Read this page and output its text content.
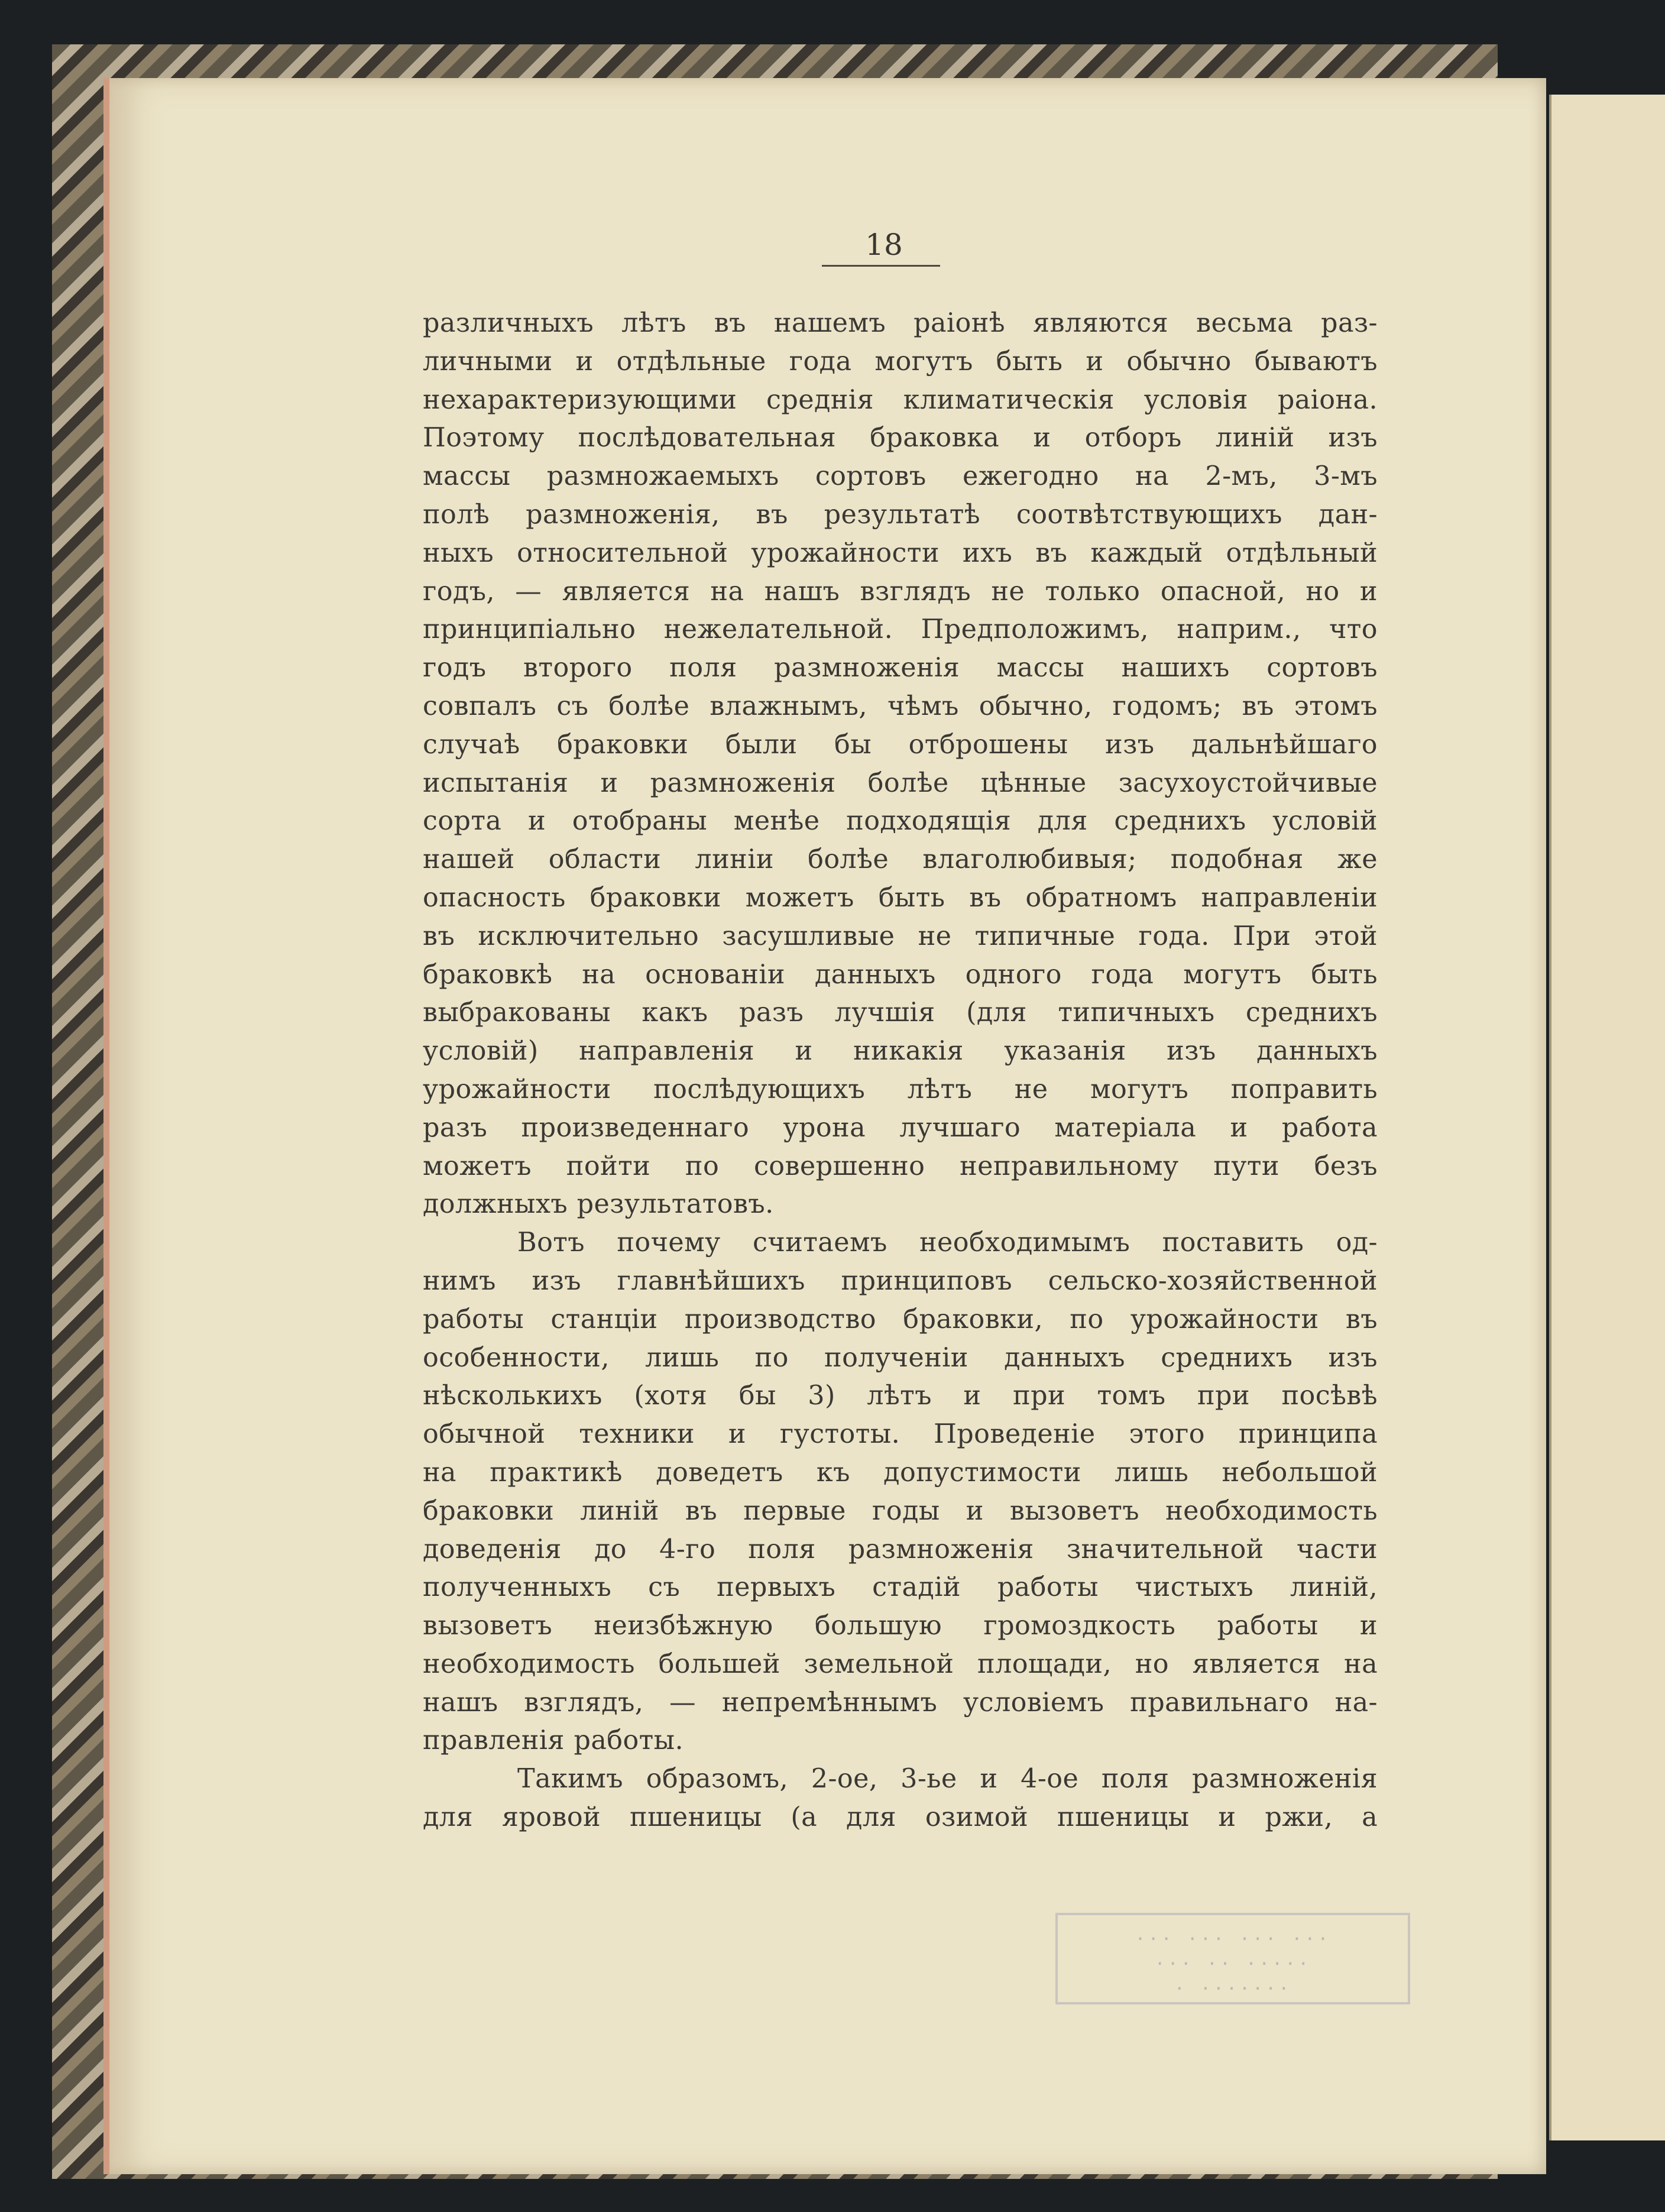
18
различныхъ лѣтъ въ нашемъ раіонѣ являются весьма раз-
личными и отдѣльные года могутъ быть и обычно бываютъ
нехарактеризующими среднія климатическія условія раіона.
Поэтому послѣдовательная браковка и отборъ линій изъ
массы размножаемыхъ сортовъ ежегодно на 2-мъ, 3-мъ
полѣ размноженія, въ результатѣ соотвѣтствующихъ дан-
ныхъ относительной урожайности ихъ въ каждый отдѣльный
годъ, — является на нашъ взглядъ не только опасной, но и
принципіально нежелательной. Предположимъ, наприм., что
годъ второго поля размноженія массы нашихъ сортовъ
совпалъ съ болѣе влажнымъ, чѣмъ обычно, годомъ; въ этомъ
случаѣ браковки были бы отброшены изъ дальнѣйшаго
испытанія и размноженія болѣе цѣнные засухоустойчивые
сорта и отобраны менѣе подходящія для среднихъ условій
нашей области линіи болѣе влаголюбивыя; подобная же
опасность браковки можетъ быть въ обратномъ направленіи
въ исключительно засушливые не типичные года. При этой
браковкѣ на основаніи данныхъ одного года могутъ быть
выбракованы какъ разъ лучшія (для типичныхъ среднихъ
условій) направленія и никакія указанія изъ данныхъ
урожайности послѣдующихъ лѣтъ не могутъ поправить
разъ произведеннаго урона лучшаго матеріала и работа
можетъ пойти по совершенно неправильному пути безъ
должныхъ результатовъ.
Вотъ почему считаемъ необходимымъ поставить од-
нимъ изъ главнѣйшихъ принциповъ сельско-хозяйственной
работы станціи производство браковки, по урожайности въ
особенности, лишь по полученіи данныхъ среднихъ изъ
нѣсколькихъ (хотя бы 3) лѣтъ и при томъ при посѣвѣ
обычной техники и густоты. Проведеніе этого принципа
на практикѣ доведетъ къ допустимости лишь небольшой
браковки линій въ первые годы и вызоветъ необходимость
доведенія до 4-го поля размноженія значительной части
полученныхъ съ первыхъ стадій работы чистыхъ линій,
вызоветъ неизбѣжную большую громоздкость работы и
необходимость большей земельной площади, но является на
нашъ взглядъ, — непремѣннымъ условіемъ правильнаго на-
правленія работы.
Такимъ образомъ, 2-ое, 3-ье и 4-ое поля размноженія
для яровой пшеницы (а для озимой пшеницы и ржи, а
... ... ... ...
... .. .....
. .......
